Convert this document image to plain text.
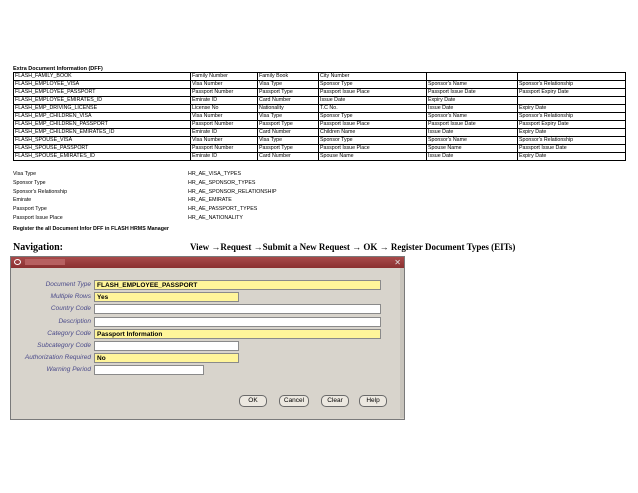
Extra Document Information (DFF)
FLASH_FAMILY_BOOK	Family Number	Family Book	City Number		
FLASH_EMPLOYEE_VISA	Visa Number	Visa Type	Sponsor Type	Sponsor's Name	Sponsor's Relationship
FLASH_EMPLOYEE_PASSPORT	Passport Number	Passport Type	Passport Issue Place	Passport Issue Date	Passport Expiry Date
FLASH_EMPLOYEE_EMIRATES_ID	Emirate ID	Card Number	Issue Date	Expiry Date	
FLASH_EMP_DRIVING_LICENSE	License No	Nationality	T.C No.	Issue Date	Expiry Date
FLASH_EMP_CHILDREN_VISA	Visa Number	Visa Type	Sponsor Type	Sponsor's Name	Sponsor's Relationship
FLASH_EMP_CHILDREN_PASSPORT	Passport Number	Passport Type	Passport Issue Place	Passport Issue Date	Passport Expiry Date
FLASH_EMP_CHILDREN_EMIRATES_ID	Emirate ID	Card Number	Children Name	Issue Date	Expiry Date
FLASH_SPOUSE_VISA	Visa Number	Visa Type	Sponsor Type	Sponsor's Name	Sponsor's Relationship
FLASH_SPOUSE_PASSPORT	Passport Number	Passport Type	Passport Issue Place	Spouse Name	Passport Issue Date
FLASH_SPOUSE_EMIRATES_ID	Emirate ID	Card Number	Spouse Name	Issue Date	Expiry Date
Visa Type	HR_AE_VISA_TYPES
Sponsor Type	HR_AE_SPONSOR_TYPES
Sponsor's Relationship	HR_AE_SPONSOR_RELATIONSHIP
Emirate	HR_AE_EMIRATE
Passport Type	HR_AE_PASSPORT_TYPES
Passport Issue Place	HR_AE_NATIONALITY
Register the all Document Infor DFF in FLASH HRMS Manager
Navigation:	View →Request →Submit a New Request → OK → Register Document Types (EITs)
✕
Document Type FLASH_EMPLOYEE_PASSPORT
Multiple Rows Yes
Country Code
Description
Category Code Passport Information
Subcategory Code
Authorization Required No
Warning Period
OK	Cancel	Clear	Help
